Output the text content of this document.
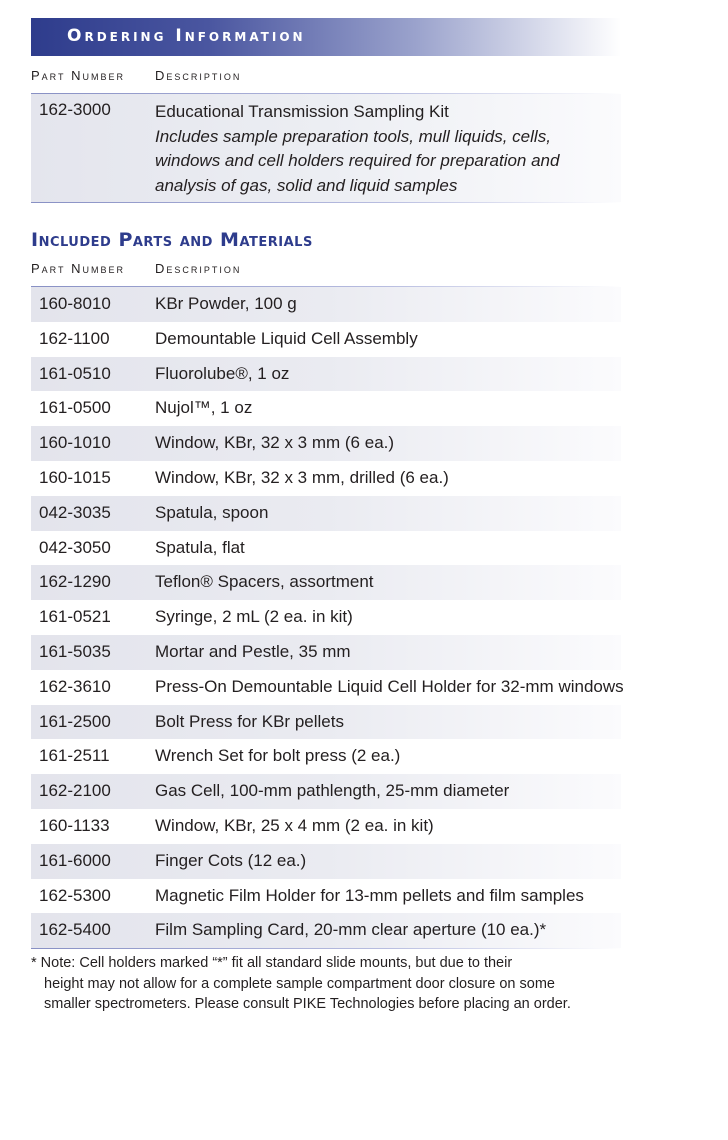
Ordering Information
Part Number Description
162-3000	Educational Transmission Sampling Kit
Includes sample preparation tools, mull liquids, cells,
windows and cell holders required for preparation and
analysis of gas, solid and liquid samples
Included Parts and Materials
Part Number Description
160-8010	KBr Powder, 100 g
162-1100	Demountable Liquid Cell Assembly
161-0510	Fluorolube®, 1 oz
161-0500	Nujol™, 1 oz
160-1010	Window, KBr, 32 x 3 mm (6 ea.)
160-1015	Window, KBr, 32 x 3 mm, drilled (6 ea.)
042-3035	Spatula, spoon
042-3050	Spatula, flat
162-1290	Teflon® Spacers, assortment
161-0521	Syringe, 2 mL (2 ea. in kit)
161-5035	Mortar and Pestle, 35 mm
162-3610	Press-On Demountable Liquid Cell Holder for 32-mm windows
161-2500	Bolt Press for KBr pellets
161-2511	Wrench Set for bolt press (2 ea.)
162-2100	Gas Cell, 100-mm pathlength, 25-mm diameter
160-1133	Window, KBr, 25 x 4 mm (2 ea. in kit)
161-6000	Finger Cots (12 ea.)
162-5300	Magnetic Film Holder for 13-mm pellets and film samples
162-5400	Film Sampling Card, 20-mm clear aperture (10 ea.)*
* Note: Cell holders marked “*” fit all standard slide mounts, but due to their
height may not allow for a complete sample compartment door closure on some
smaller spectrometers. Please consult PIKE Technologies before placing an order.
